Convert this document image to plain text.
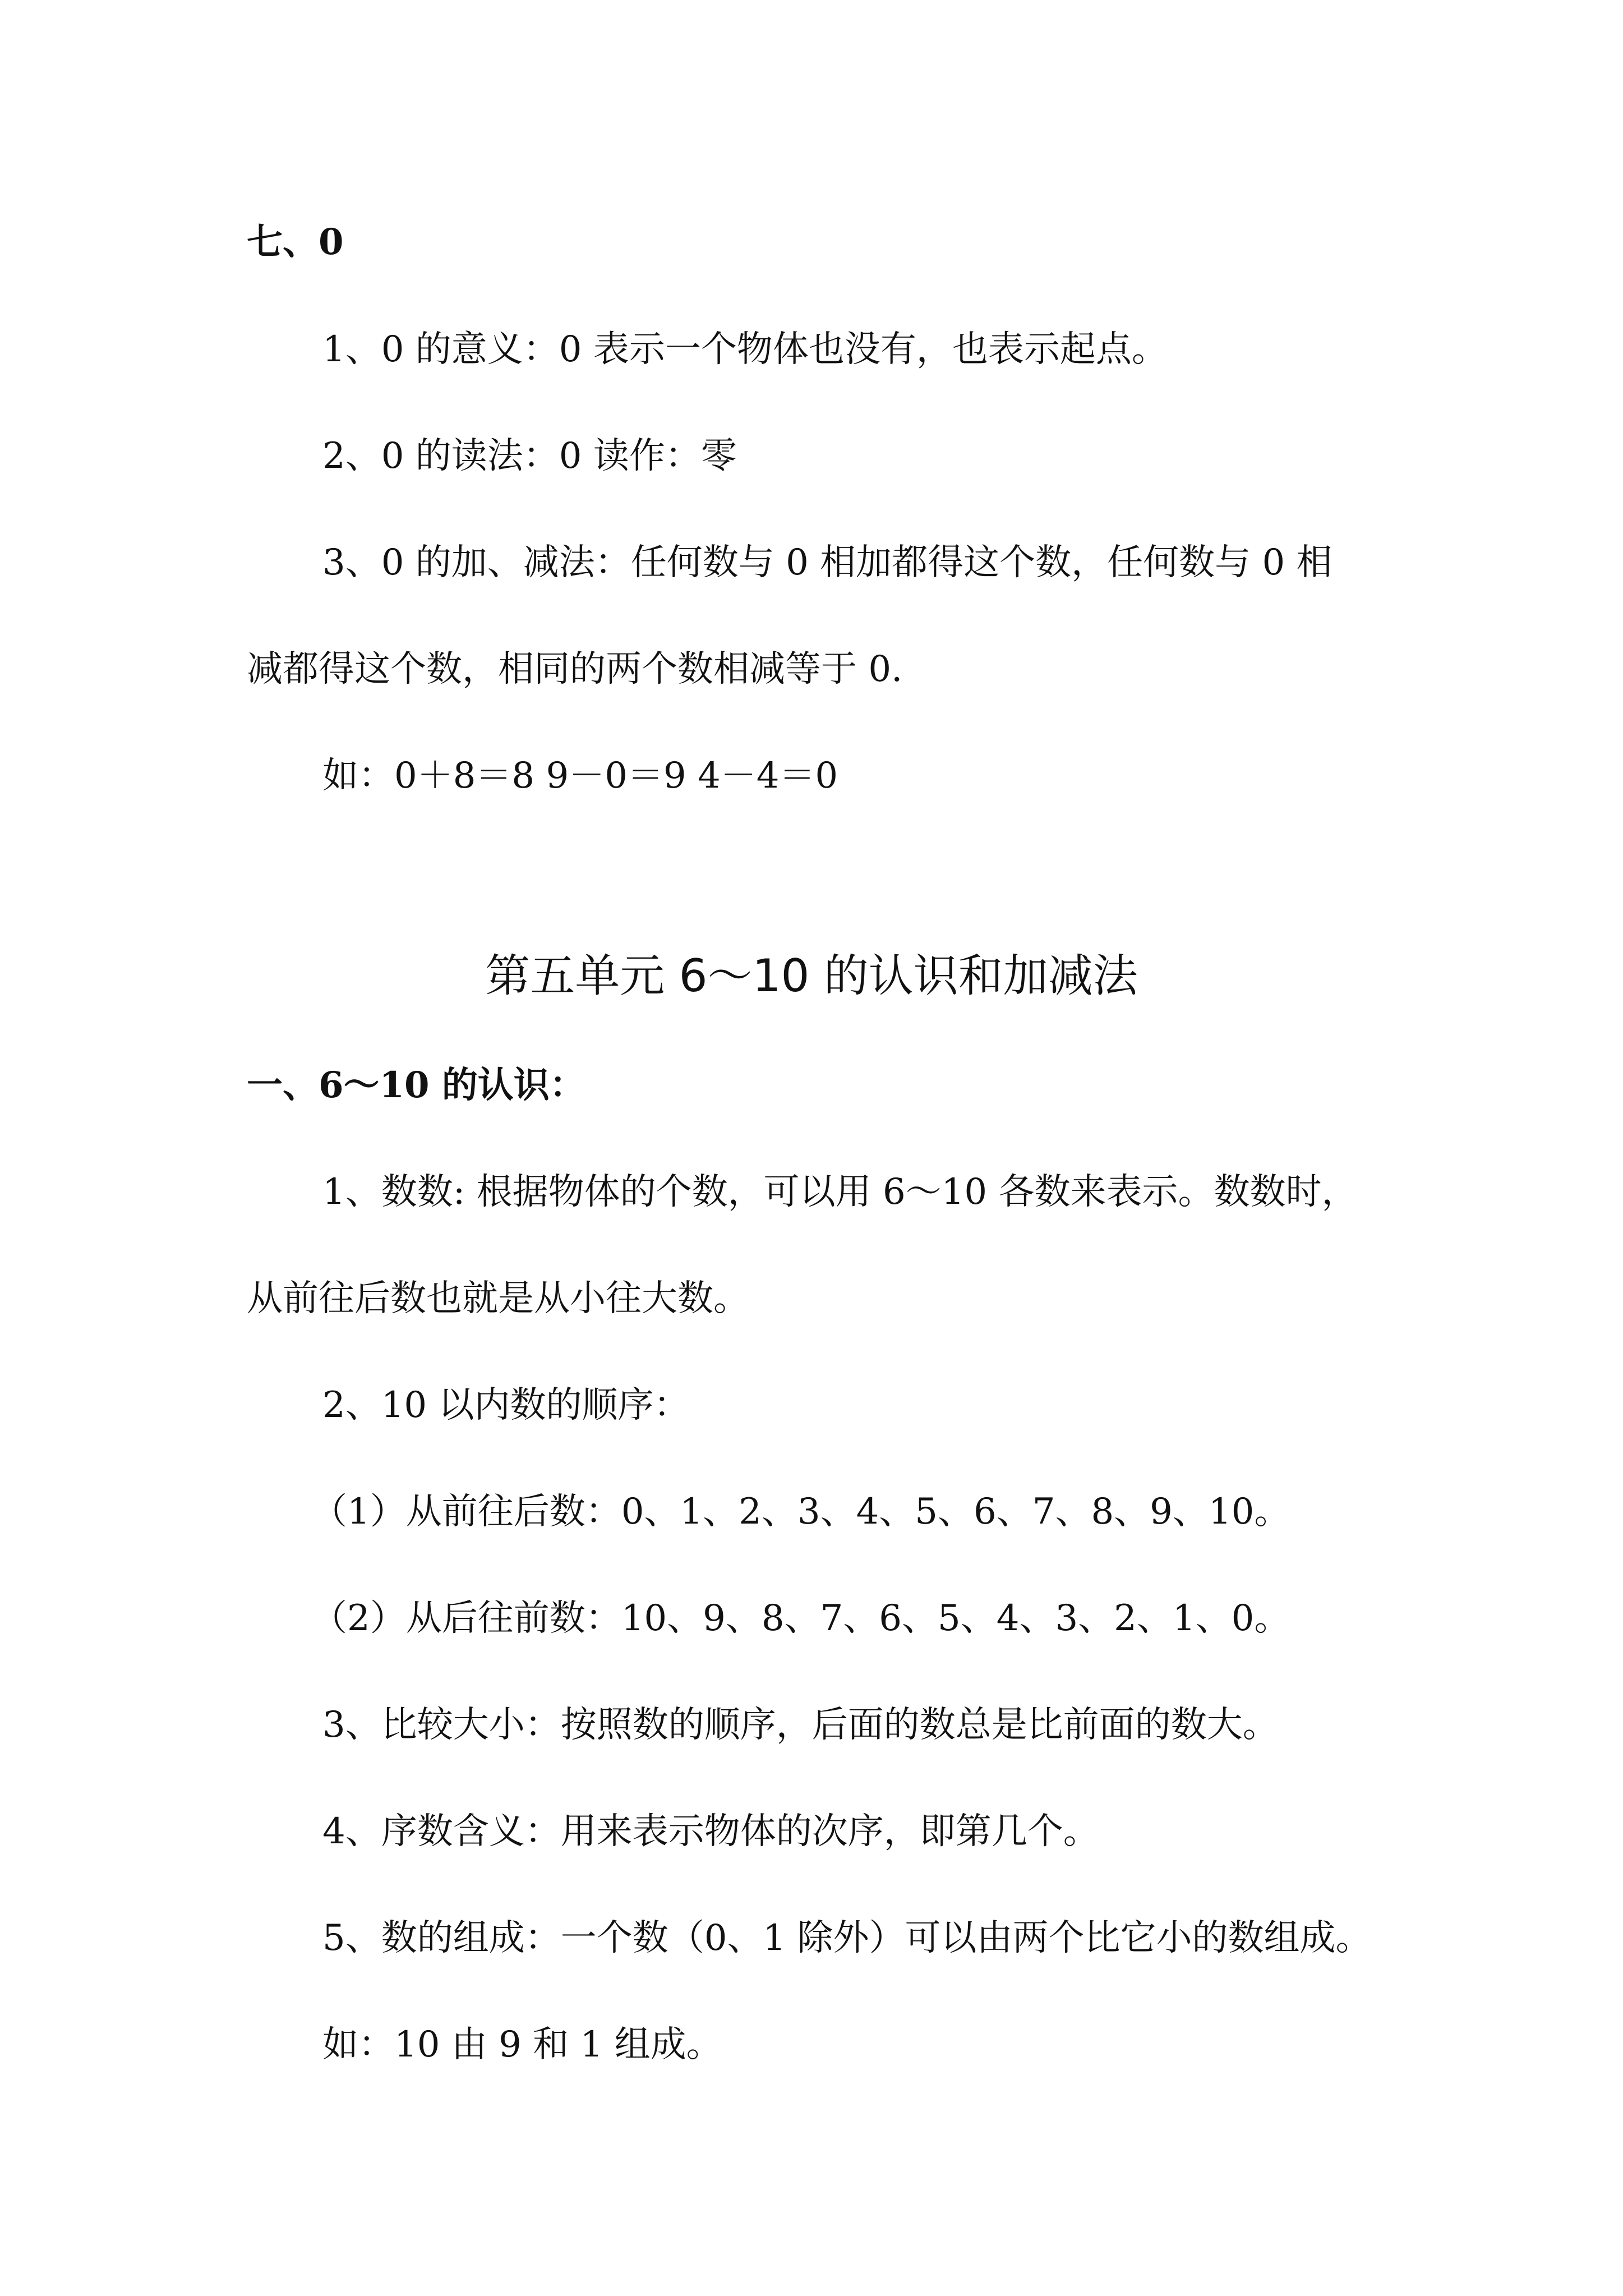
七、0
1、0 的意义：0 表示一个物体也没有，也表示起点。
2、0 的读法：0 读作：零
3、0 的加、减法：任何数与 0 相加都得这个数，任何数与 0 相
减都得这个数，相同的两个数相减等于 0.
如：0＋8＝8 9－0＝9 4－4＝0
第五单元 6～10 的认识和加减法
一、6～10 的认识：
1、数数: 根据物体的个数，可以用 6～10 各数来表示。数数时，
从前往后数也就是从小往大数。
2、10 以内数的顺序：
（1）从前往后数：0、1、2、3、4、5、6、7、8、9、10。
（2）从后往前数：10、9、8、7、6、5、4、3、2、1、0。
3、比较大小：按照数的顺序，后面的数总是比前面的数大。
4、序数含义：用来表示物体的次序，即第几个。
5、数的组成：一个数（0、1 除外）可以由两个比它小的数组成。
如：10 由 9 和 1 组成。
